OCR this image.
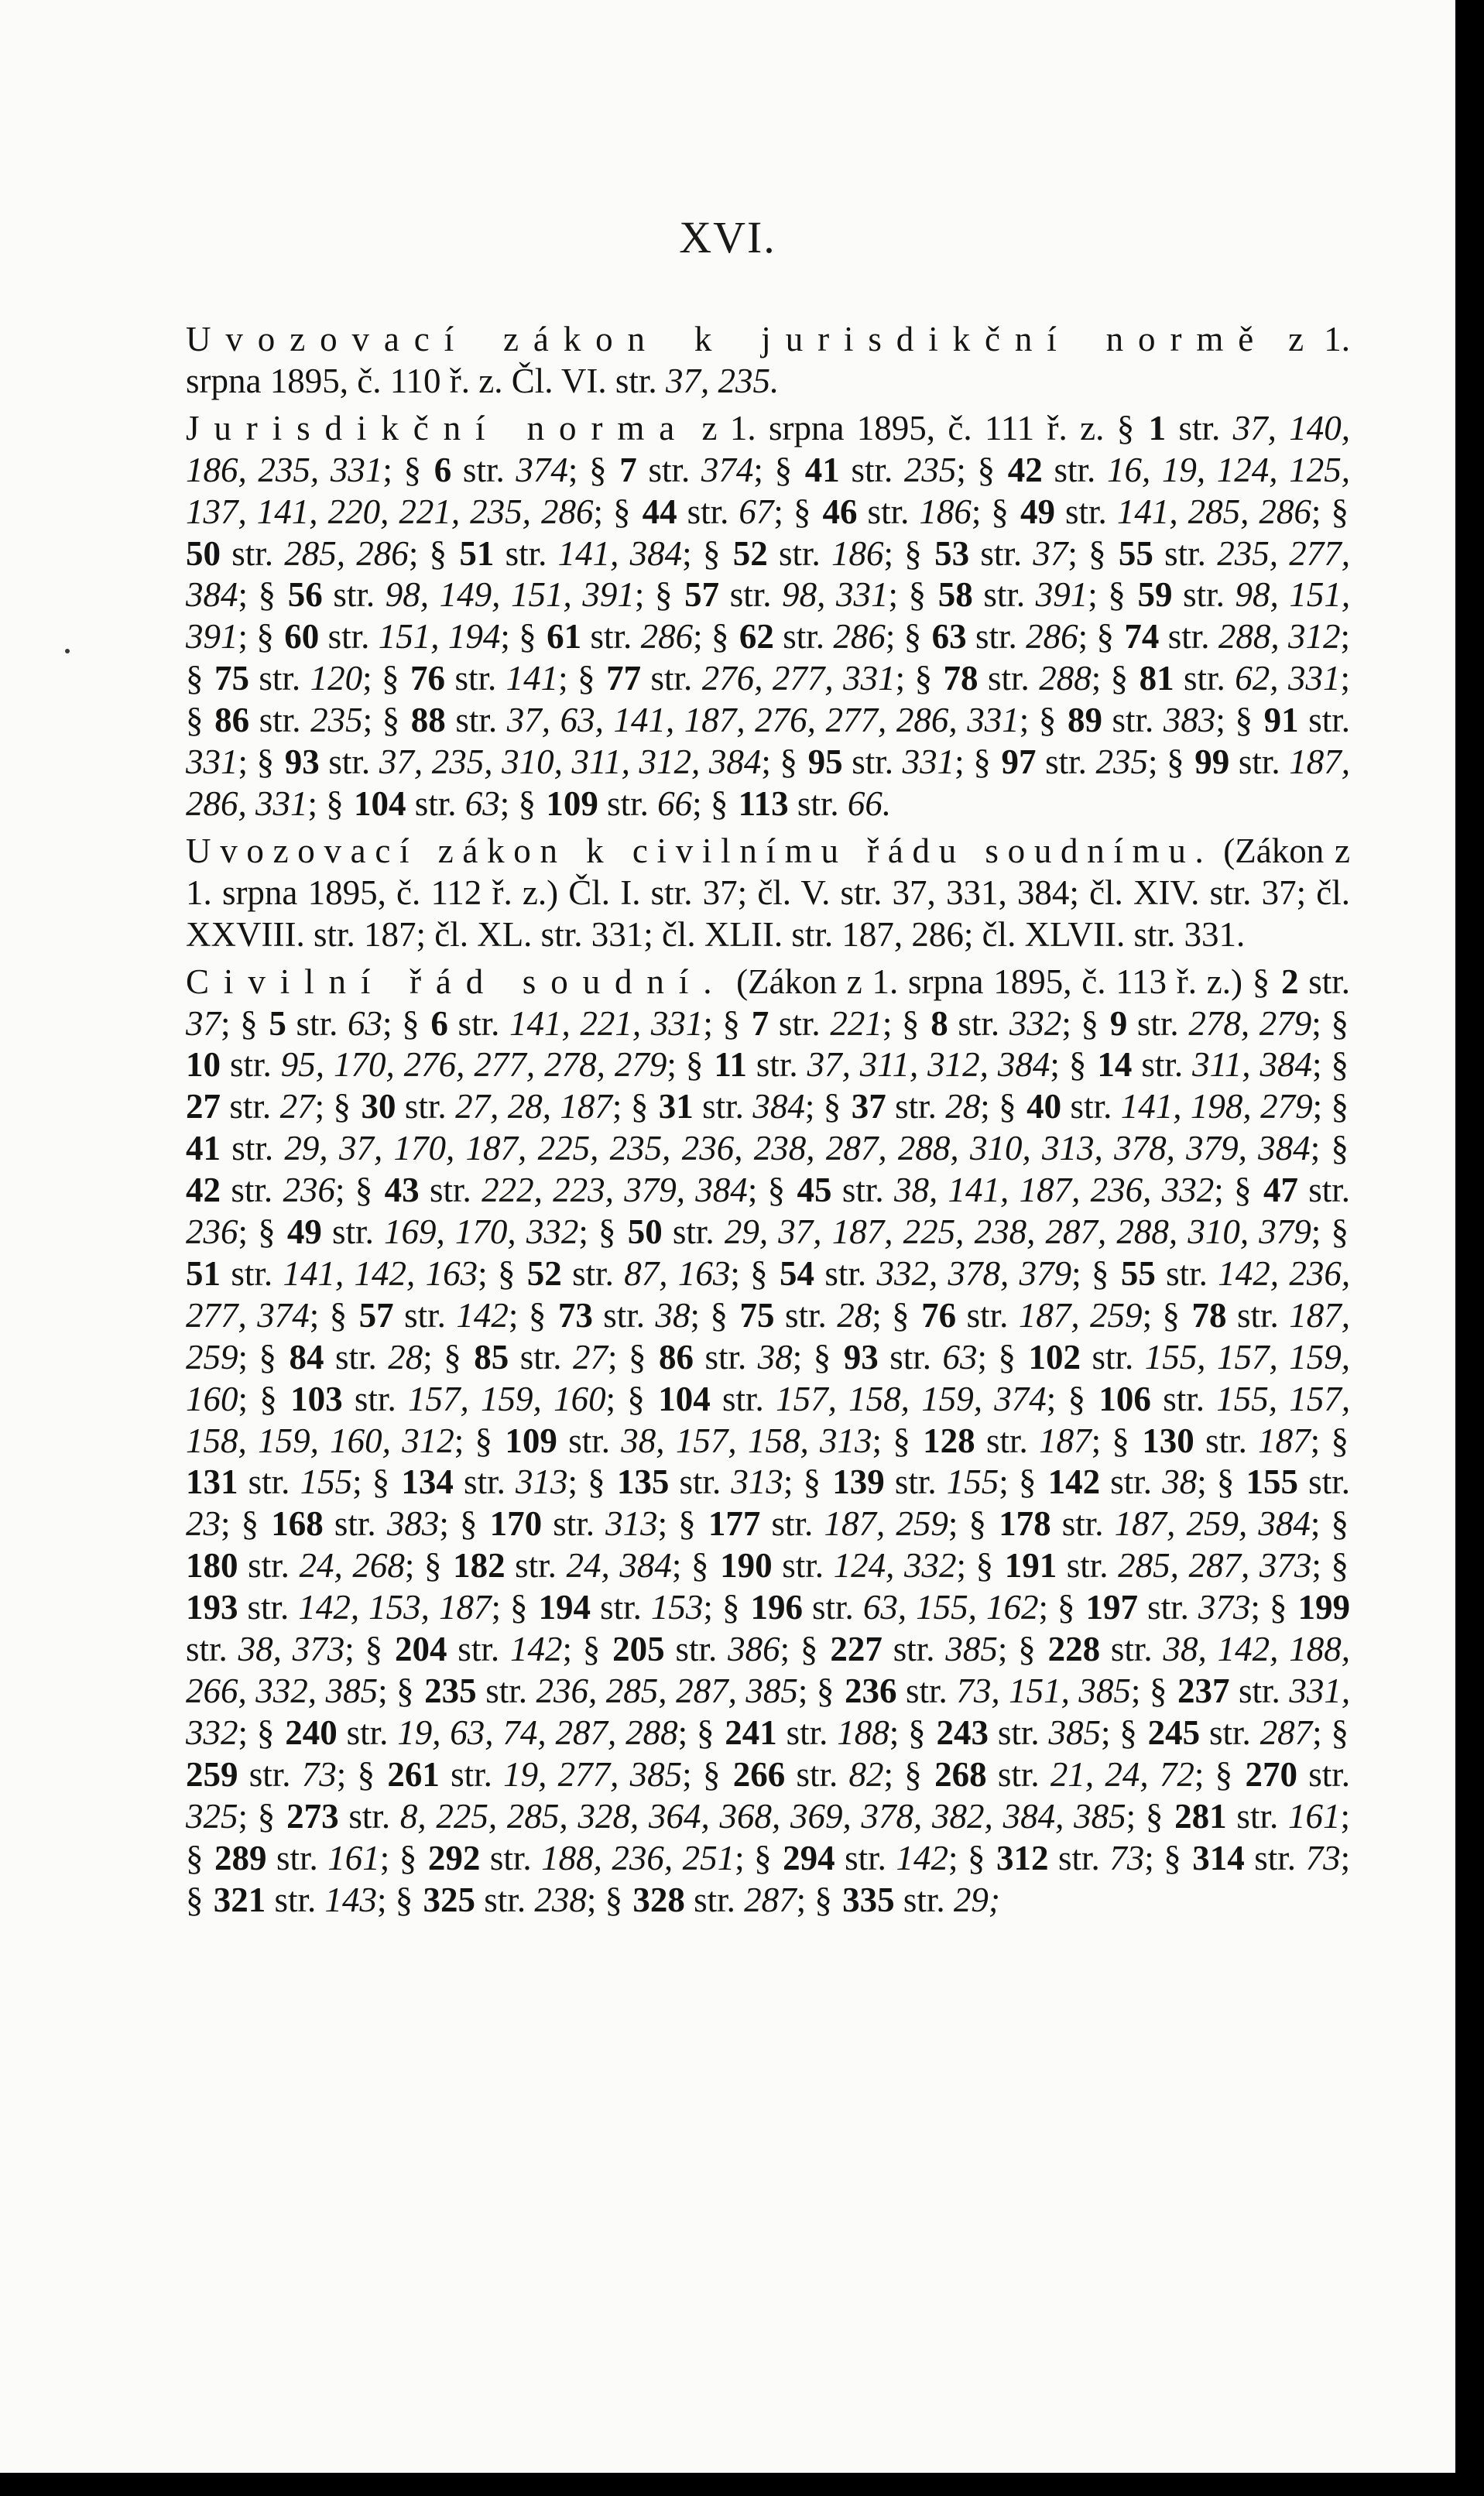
XVI.

Uvozovací zákon k jurisdikční normě z 1. srpna 1895, č. 110 ř. z. Čl. VI. str. 37, 235.

Jurisdikční norma z 1. srpna 1895, č. 111 ř. z. § 1 str. 37, 140, 186, 235, 331; § 6 str. 374; § 7 str. 374; § 41 str. 235; § 42 str. 16, 19, 124, 125, 137, 141, 220, 221, 235, 286; § 44 str. 67; § 46 str. 186; § 49 str. 141, 285, 286; § 50 str. 285, 286; § 51 str. 141, 384; § 52 str. 186; § 53 str. 37; § 55 str. 235, 277, 384; § 56 str. 98, 149, 151, 391; § 57 str. 98, 331; § 58 str. 391; § 59 str. 98, 151, 391; § 60 str. 151, 194; § 61 str. 286; § 62 str. 286; § 63 str. 286; § 74 str. 288, 312; § 75 str. 120; § 76 str. 141; § 77 str. 276, 277, 331; § 78 str. 288; § 81 str. 62, 331; § 86 str. 235; § 88 str. 37, 63, 141, 187, 276, 277, 286, 331; § 89 str. 383; § 91 str. 331; § 93 str. 37, 235, 310, 311, 312, 384; § 95 str. 331; § 97 str. 235; § 99 str. 187, 286, 331; § 104 str. 63; § 109 str. 66; § 113 str. 66.

Uvozovací zákon k civilnímu řádu soudnímu. (Zákon z 1. srpna 1895, č. 112 ř. z.) Čl. I. str. 37; čl. V. str. 37, 331, 384; čl. XIV. str. 37; čl. XXVIII. str. 187; čl. XL. str. 331; čl. XLII. str. 187, 286; čl. XLVII. str. 331.

Civilní řád soudní. (Zákon z 1. srpna 1895, č. 113 ř. z.) § 2 str. 37; § 5 str. 63; § 6 str. 141, 221, 331; § 7 str. 221; § 8 str. 332; § 9 str. 278, 279; § 10 str. 95, 170, 276, 277, 278, 279; § 11 str. 37, 311, 312, 384; § 14 str. 311, 384; § 27 str. 27; § 30 str. 27, 28, 187; § 31 str. 384; § 37 str. 28; § 40 str. 141, 198, 279; § 41 str. 29, 37, 170, 187, 225, 235, 236, 238, 287, 288, 310, 313, 378, 379, 384; § 42 str. 236; § 43 str. 222, 223, 379, 384; § 45 str. 38, 141, 187, 236, 332; § 47 str. 236; § 49 str. 169, 170, 332; § 50 str. 29, 37, 187, 225, 238, 287, 288, 310, 379; § 51 str. 141, 142, 163; § 52 str. 87, 163; § 54 str. 332, 378, 379; § 55 str. 142, 236, 277, 374; § 57 str. 142; § 73 str. 38; § 75 str. 28; § 76 str. 187, 259; § 78 str. 187, 259; § 84 str. 28; § 85 str. 27; § 86 str. 38; § 93 str. 63; § 102 str. 155, 157, 159, 160; § 103 str. 157, 159, 160; § 104 str. 157, 158, 159, 374; § 106 str. 155, 157, 158, 159, 160, 312; § 109 str. 38, 157, 158, 313; § 128 str. 187; § 130 str. 187; § 131 str. 155; § 134 str. 313; § 135 str. 313; § 139 str. 155; § 142 str. 38; § 155 str. 23; § 168 str. 383; § 170 str. 313; § 177 str. 187, 259; § 178 str. 187, 259, 384; § 180 str. 24, 268; § 182 str. 24, 384; § 190 str. 124, 332; § 191 str. 285, 287, 373; § 193 str. 142, 153, 187; § 194 str. 153; § 196 str. 63, 155, 162; § 197 str. 373; § 199 str. 38, 373; § 204 str. 142; § 205 str. 386; § 227 str. 385; § 228 str. 38, 142, 188, 266, 332, 385; § 235 str. 236, 285, 287, 385; § 236 str. 73, 151, 385; § 237 str. 331, 332; § 240 str. 19, 63, 74, 287, 288; § 241 str. 188; § 243 str. 385; § 245 str. 287; § 259 str. 73; § 261 str. 19, 277, 385; § 266 str. 82; § 268 str. 21, 24, 72; § 270 str. 325; § 273 str. 8, 225, 285, 328, 364, 368, 369, 378, 382, 384, 385; § 281 str. 161; § 289 str. 161; § 292 str. 188, 236, 251; § 294 str. 142; § 312 str. 73; § 314 str. 73; § 321 str. 143; § 325 str. 238; § 328 str. 287; § 335 str. 29;
